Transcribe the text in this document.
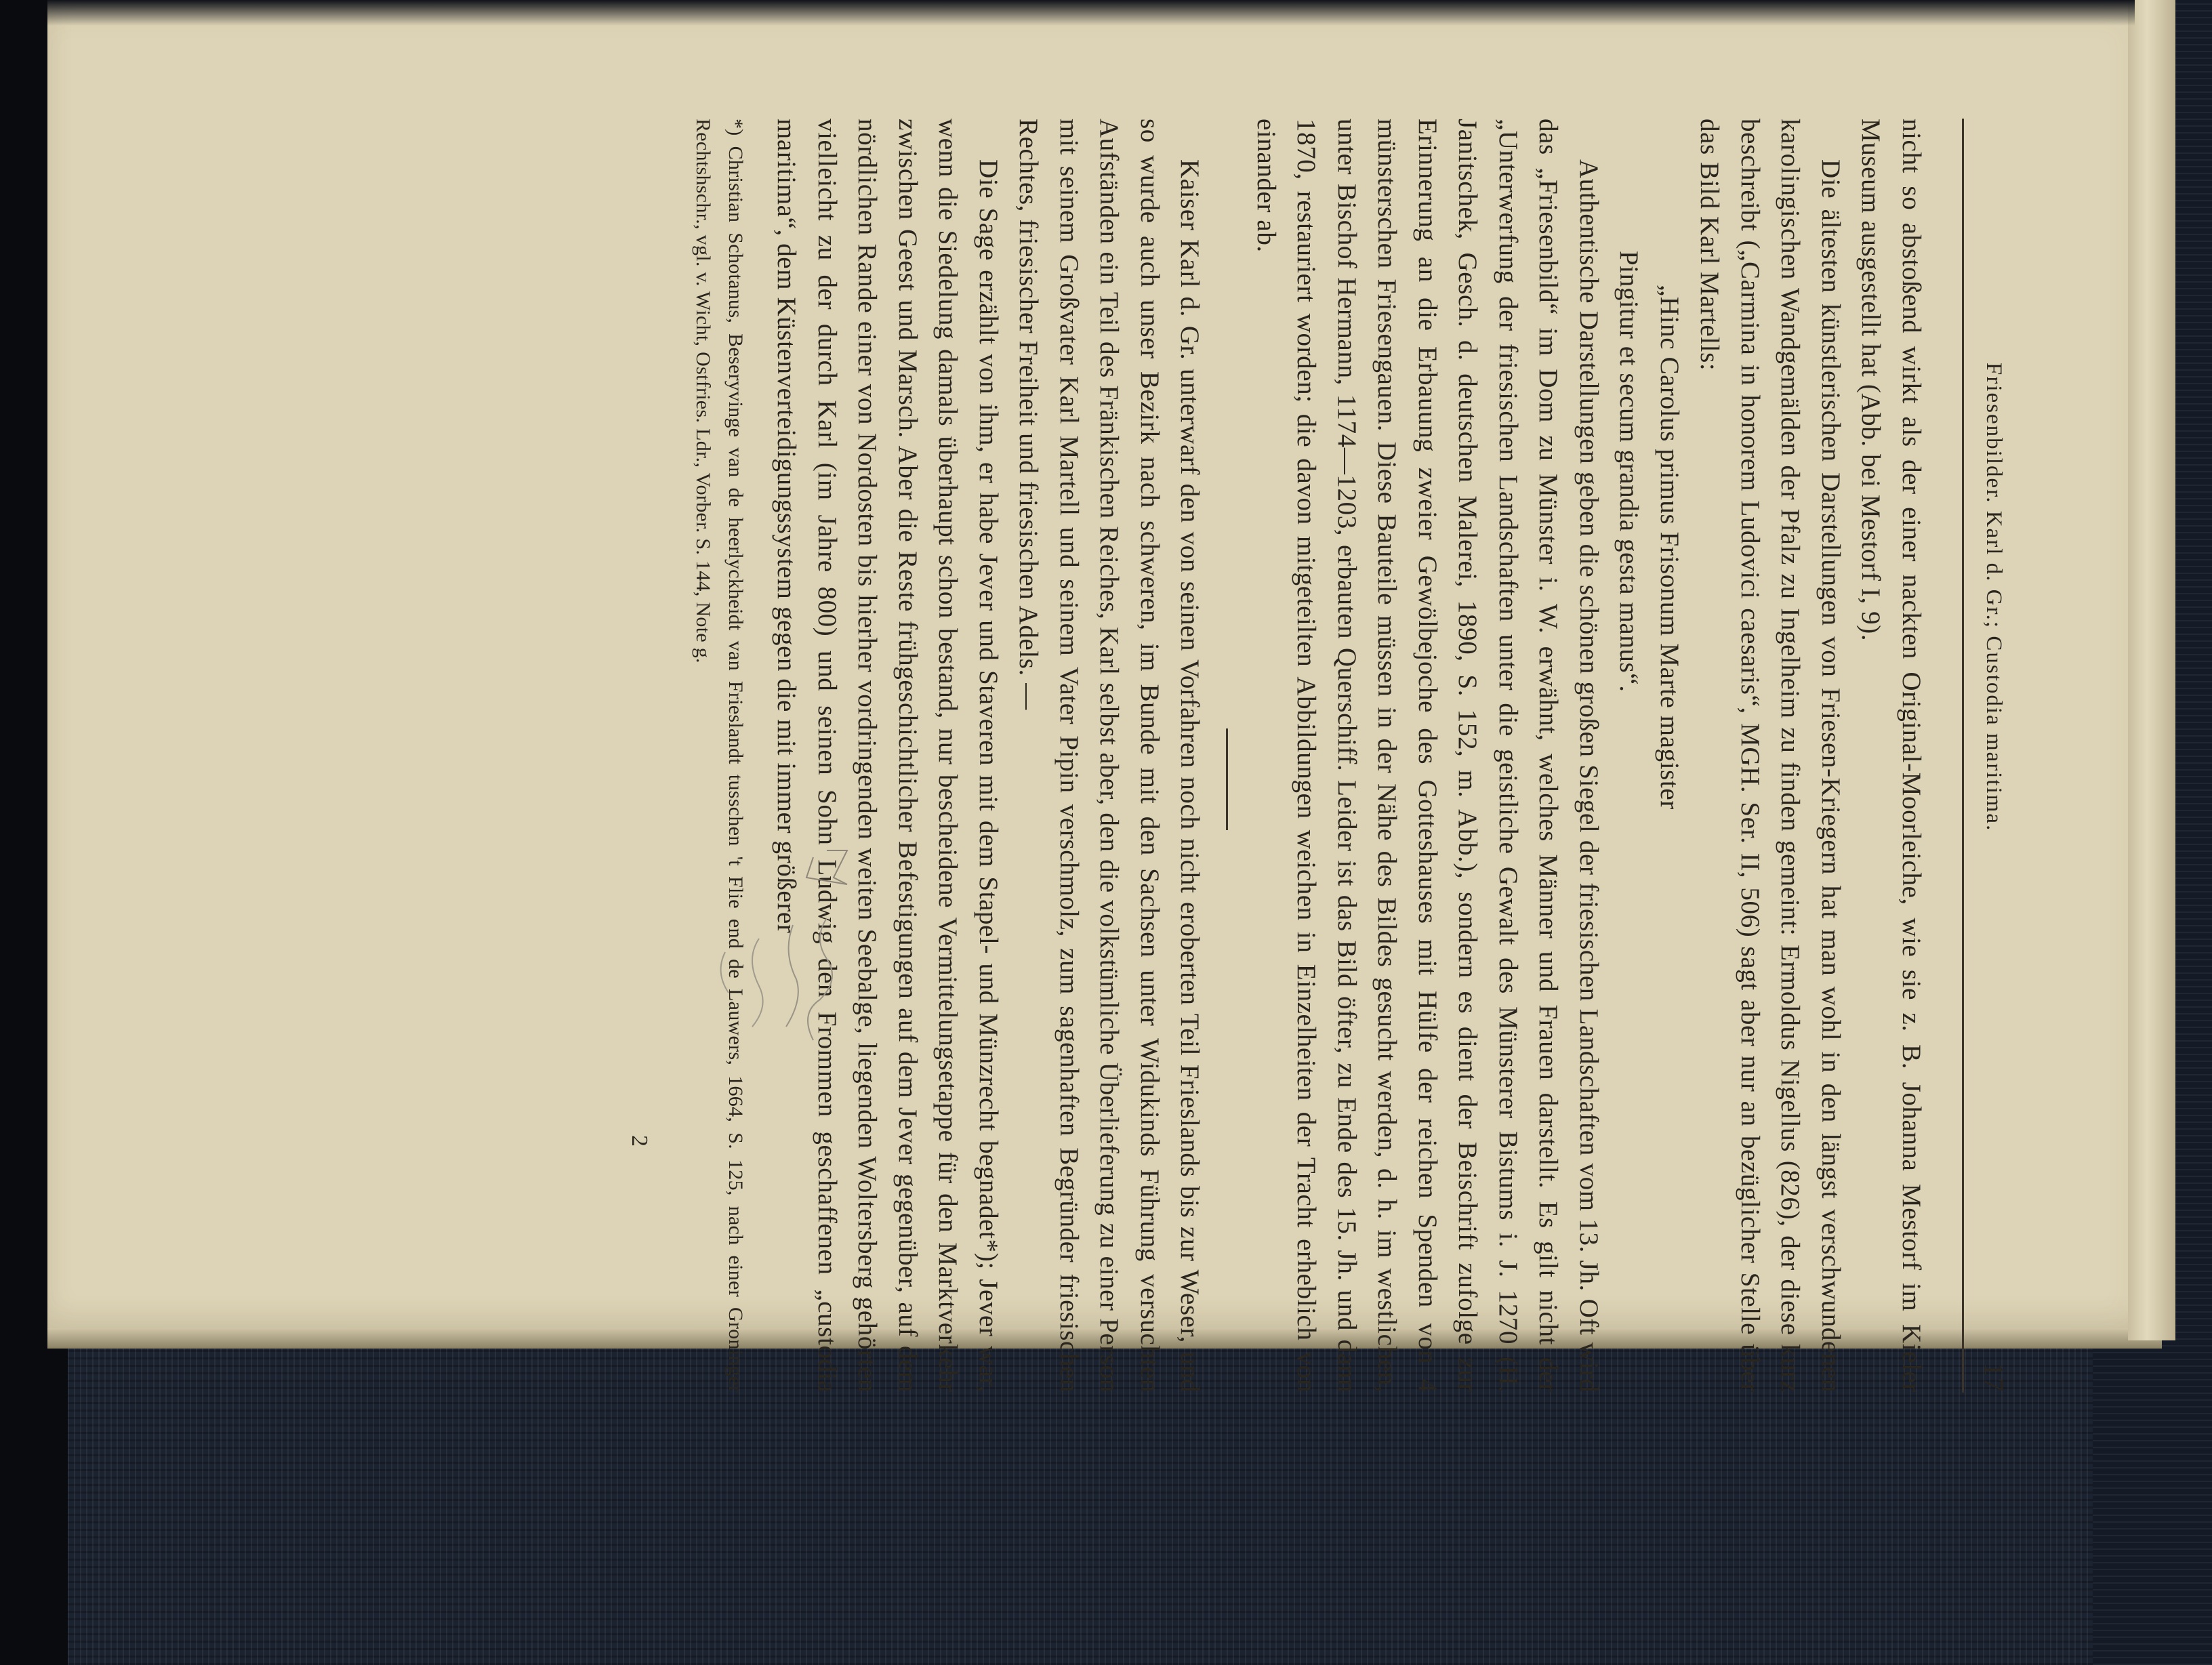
Friesenbilder. Karl d. Gr.; Custodia maritima.
17

nicht so abstoßend wirkt als der einer nackten Original-Moorleiche, wie sie z. B. Johanna Mestorf im Kieler Museum ausgestellt hat (Abb. bei Mestorf I, 9).

Die ältesten künstlerischen Darstellungen von Friesen-Kriegern hat man wohl in den längst verschwundenen karolingischen Wandgemälden der Pfalz zu Ingelheim zu finden gemeint: Ermoldus Nigellus (826), der diese kurz beschreibt („Carmina in honorem Ludovici caesaris“, MGH. Ser. II, 506) sagt aber nur an bezüglicher Stelle über das Bild Karl Martells:

„Hinc Carolus primus Frisonum Marte magister

Pingitur et secum grandia gesta manus“.

Authentische Darstellungen geben die schönen großen Siegel der friesischen Landschaften vom 13. Jh. Oft wird das „Friesenbild“ im Dom zu Münster i. W. erwähnt, welches Männer und Frauen darstellt. Es gilt nicht der „Unterwerfung der friesischen Landschaften unter die geistliche Gewalt des Münsterer Bistums i. J. 1270 (H. Janitschek, Gesch. d. deutschen Malerei, 1890, S. 152, m. Abb.), sondern es dient der Beischrift zufolge zur Erinnerung an die Erbauung zweier Gewölbejoche des Gotteshauses mit Hülfe der reichen Spenden von 4 münsterschen Friesengauen. Diese Bauteile müssen in der Nähe des Bildes gesucht werden, d. h. im westlichen, unter Bischof Hermann, 1174—1203, erbauten Querschiff. Leider ist das Bild öfter, zu Ende des 15. Jh. und dann 1870, restauriert worden; die davon mitgeteilten Abbildungen weichen in Einzelheiten der Tracht erheblich von einander ab.

Kaiser Karl d. Gr. unterwarf den von seinen Vorfahren noch nicht eroberten Teil Frieslands bis zur Weser, und so wurde auch unser Bezirk nach schweren, im Bunde mit den Sachsen unter Widukinds Führung versuchten Aufständen ein Teil des Fränkischen Reiches, Karl selbst aber, den die volkstümliche Überlieferung zu einer Person mit seinem Großvater Karl Martell und seinem Vater Pipin verschmolz, zum sagenhaften Begründer friesischen Rechtes, friesischer Freiheit und friesischen Adels. —

Die Sage erzählt von ihm, er habe Jever und Staveren mit dem Stapel- und Münzrecht begnadet*); Jever war, wenn die Siedelung damals überhaupt schon bestand, nur bescheidene Vermittelungsetappe für den Marktverkehr zwischen Geest und Marsch. Aber die Reste frühgeschichtlicher Befestigungen auf dem Jever gegenüber, auf dem nördlichen Rande einer von Nordosten bis hierher vordringenden weiten Seebalge, liegenden Woltersberg gehörten vielleicht zu der durch Karl (im Jahre 800) und seinen Sohn Ludwig den Frommen geschaffenen „custodia maritima“, dem Küstenverteidigungssystem gegen die mit immer größerer

*) Christian Schotanus, Beseryvinge van de heerlyckheidt van Frieslandt tusschen 't Flie end de Lauwers, 1664, S. 125, nach einer Groninger Rechtshschr., vgl. v. Wicht, Ostfries. Ldr., Vorber. S. 144, Note g.

2
